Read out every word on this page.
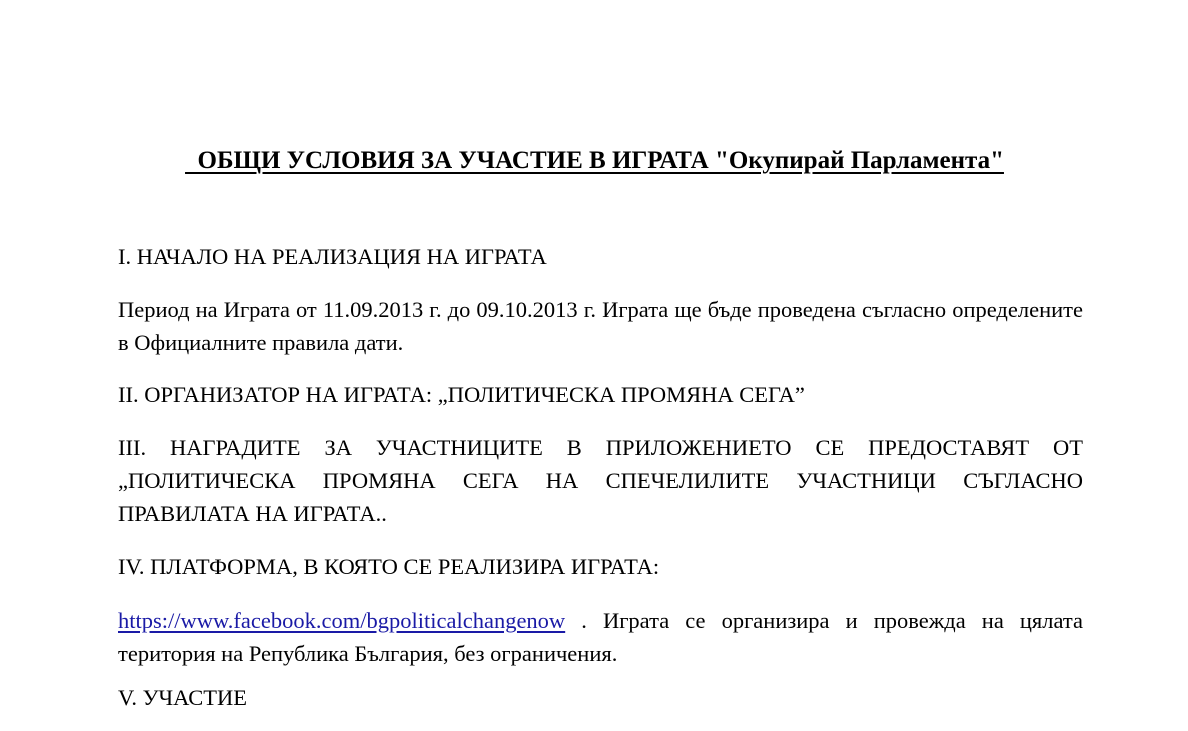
ОБЩИ УСЛОВИЯ ЗА УЧАСТИЕ В ИГРАТА "Окупирай Парламента"
I. НАЧАЛО НА РЕАЛИЗАЦИЯ НА ИГРАТА
Период на Играта от 11.09.2013 г. до 09.10.2013 г. Играта ще бъде проведена съгласно определените в Официалните правила дати.
II. ОРГАНИЗАТОР НА ИГРАТА: „ПОЛИТИЧЕСКА ПРОМЯНА СЕГА”
III. НАГРАДИТЕ ЗА УЧАСТНИЦИТЕ В ПРИЛОЖЕНИЕТО СЕ ПРЕДОСТАВЯТ ОТ „ПОЛИТИЧЕСКА ПРОМЯНА СЕГА НА СПЕЧЕЛИЛИТЕ УЧАСТНИЦИ СЪГЛАСНО ПРАВИЛАТА НА ИГРАТА..
IV. ПЛАТФОРМА, В КОЯТО СЕ РЕАЛИЗИРА ИГРАТА:
https://www.facebook.com/bgpoliticalchangenow . Играта се организира и провежда на цялата територия на Република България, без ограничения.
V. УЧАСТИЕ
